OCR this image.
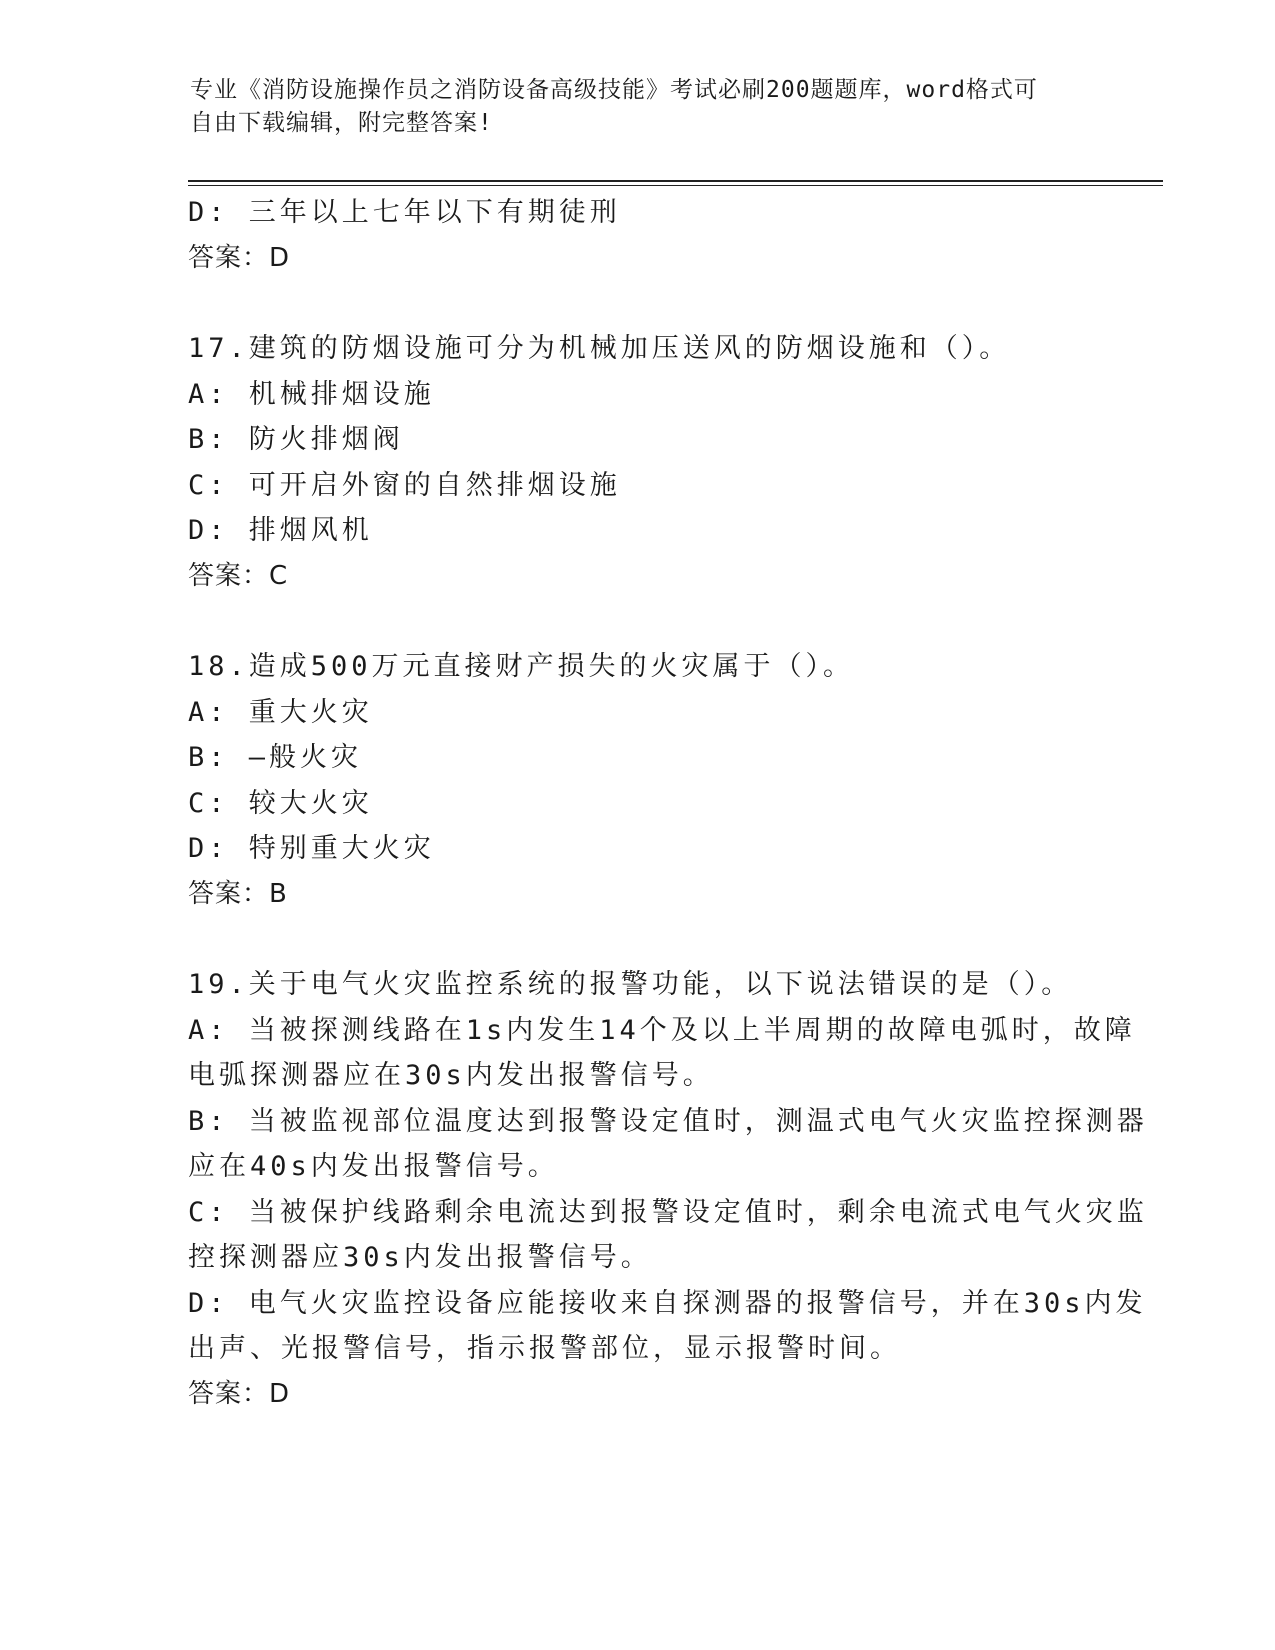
专业《消防设施操作员之消防设备高级技能》考试必刷200题题库，word格式可
自由下载编辑，附完整答案!
D: 三年以上七年以下有期徒刑
答案：D
17.建筑的防烟设施可分为机械加压送风的防烟设施和（）。
A: 机械排烟设施
B: 防火排烟阀
C: 可开启外窗的自然排烟设施
D: 排烟风机
答案：C
18.造成500万元直接财产损失的火灾属于（）。
A: 重大火灾
B: —般火灾
C: 较大火灾
D: 特别重大火灾
答案：B
19.关于电气火灾监控系统的报警功能，以下说法错误的是（）。
A: 当被探测线路在1s内发生14个及以上半周期的故障电弧时，故障
电弧探测器应在30s内发出报警信号。
B: 当被监视部位温度达到报警设定值时，测温式电气火灾监控探测器
应在40s内发出报警信号。
C: 当被保护线路剩余电流达到报警设定值时，剩余电流式电气火灾监
控探测器应30s内发出报警信号。
D: 电气火灾监控设备应能接收来自探测器的报警信号，并在30s内发
出声、光报警信号，指示报警部位，显示报警时间。
答案：D
